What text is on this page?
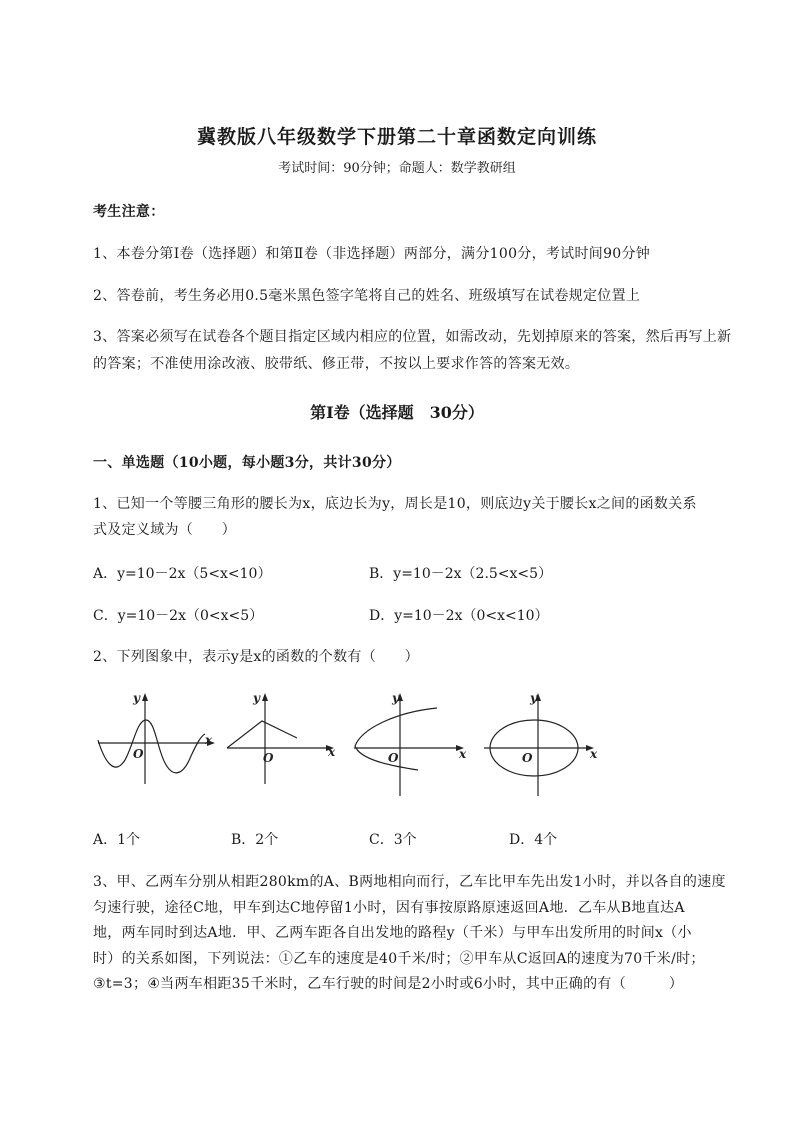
冀教版八年级数学下册第二十章函数定向训练
考试时间：90分钟；命题人：数学教研组
考生注意：
1、本卷分第I卷（选择题）和第Ⅱ卷（非选择题）两部分，满分100分，考试时间90分钟
2、答卷前，考生务必用0.5毫米黑色签字笔将自己的姓名、班级填写在试卷规定位置上
3、答案必须写在试卷各个题目指定区域内相应的位置，如需改动，先划掉原来的答案，然后再写上新
的答案；不准使用涂改液、胶带纸、修正带，不按以上要求作答的答案无效。
第I卷（选择题　30分）
一、单选题（10小题，每小题3分，共计30分）
1、已知一个等腰三角形的腰长为x，底边长为y，周长是10，则底边y关于腰长x之间的函数关系
式及定义域为（　　）
A．y=10－2x（5<x<10）	B．y=10－2x（2.5<x<5）
C．y=10－2x（0<x<5）	D．y=10－2x（0<x<10）
2、下列图象中，表示y是x的函数的个数有（　　）
y
x
O
y
x
O
y
x
O
y
x
O
A．1个	B．2个	C．3个	D．4个
3、甲、乙两车分别从相距280km的A、B两地相向而行，乙车比甲车先出发1小时，并以各自的速度
匀速行驶，途径C地，甲车到达C地停留1小时，因有事按原路原速返回A地．乙车从B地直达A
地，两车同时到达A地．甲、乙两车距各自出发地的路程y（千米）与甲车出发所用的时间x（小
时）的关系如图，下列说法：①乙车的速度是40千米/时；②甲车从C返回A的速度为70千米/时；
③t=3；④当两车相距35千米时，乙车行驶的时间是2小时或6小时，其中正确的有（　　　）
